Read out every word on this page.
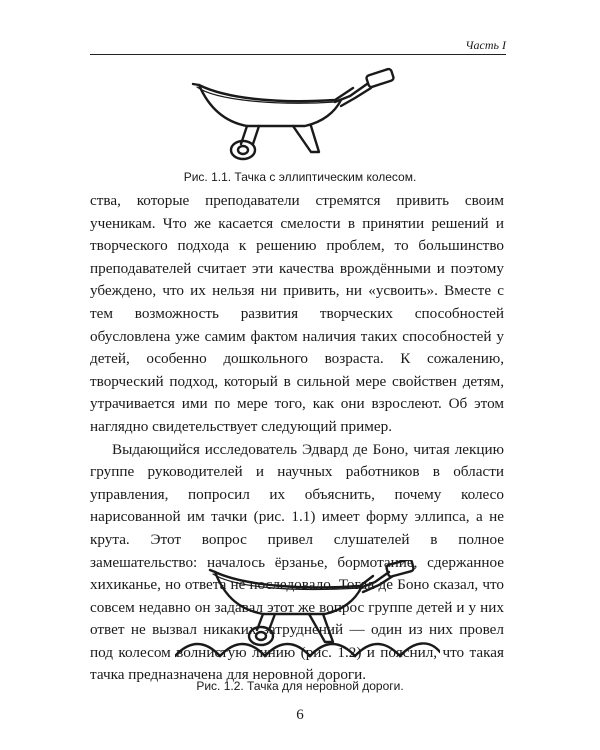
Часть I
Рис. 1.1. Тачка с эллиптическим колесом.

ства, которые преподаватели стремятся привить своим ученикам. Что же касается смелости в принятии решений и творческого подхода к решению проблем, то большинство преподавателей считает эти качества врождёнными и поэтому убеждено, что их нельзя ни привить, ни «усвоить». Вместе с тем возможность развития творческих способностей обусловлена уже самим фактом наличия таких способностей у детей, особенно дошкольного возраста. К сожалению, творческий подход, который в сильной мере свойствен детям, утрачивается ими по мере того, как они взрослеют. Об этом наглядно свидетельствует следующий пример.

Выдающийся исследователь Эдвард де Боно, читая лекцию группе руководителей и научных работников в области управления, попросил их объяснить, почему колесо нарисованной им тачки (рис. 1.1) имеет форму эллипса, а не крута. Этот вопрос привел слушателей в полное замешательство: началось ёрзанье, бормотание, сдержанное хихиканье, но ответа не последовало. Тогда де Боно сказал, что совсем недавно он задавал этот же вопрос группе детей и у них ответ не вызвал никаких затруднений — один из них провел под колесом волнистую линию (рис. 1.2) и пояснил, что такая тачка предназначена для неровной дороги.

Рис. 1.2. Тачка для неровной дороги.
6
